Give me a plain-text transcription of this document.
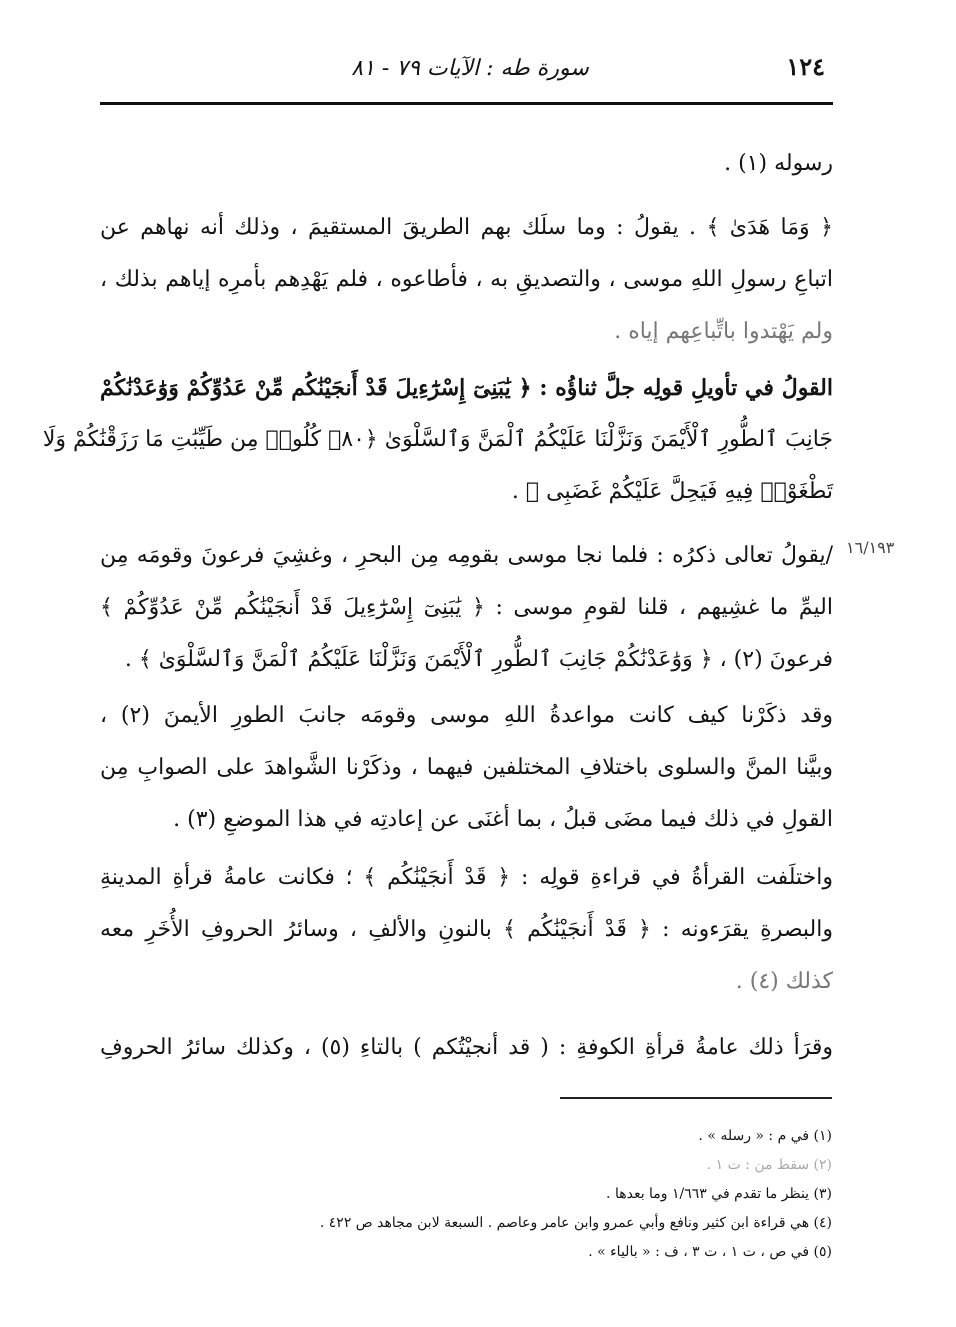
١٢٤
سورة طه : الآيات ٧٩ - ٨١
١٦/١٩٣
رسوله (١) .
﴿ وَمَا هَدَىٰ ﴾ . يقولُ : وما سلَك بهم الطريقَ المستقيمَ ، وذلك أنه نهاهم عن
اتباعِ رسولِ اللهِ موسى ، والتصديقِ به ، فأطاعوه ، فلم يَهْدِهم بأمرِه إياهم بذلك ،
ولم يَهْتدوا باتِّباعِهم إياه .
القولُ في تأويلِ قولِه جلَّ ثناؤُه : ﴿ يَٰبَنِىٓ إِسْرَٰٓءِيلَ قَدْ أَنجَيْنَٰكُم مِّنْ عَدُوِّكُمْ وَوَٰعَدْنَٰكُمْ
جَانِبَ ٱلطُّورِ ٱلْأَيْمَنَ وَنَزَّلْنَا عَلَيْكُمُ ٱلْمَنَّ وَٱلسَّلْوَىٰ ﴿٨٠﴾ كُلُوا۟ مِن طَيِّبَٰتِ مَا رَزَقْنَٰكُمْ وَلَا
تَطْغَوْا۟ فِيهِ فَيَحِلَّ عَلَيْكُمْ غَضَبِى ﴾ .
/يقولُ تعالى ذكرُه : فلما نجا موسى بقومِه مِن البحرِ ، وغشِيَ فرعونَ وقومَه مِن
اليمِّ ما غشِيهم ، قلنا لقومِ موسى : ﴿ يَٰبَنِىٓ إِسْرَٰٓءِيلَ قَدْ أَنجَيْنَٰكُم مِّنْ عَدُوِّكُمْ ﴾
فرعونَ (٢) ، ﴿ وَوَٰعَدْنَٰكُمْ جَانِبَ ٱلطُّورِ ٱلْأَيْمَنَ وَنَزَّلْنَا عَلَيْكُمُ ٱلْمَنَّ وَٱلسَّلْوَىٰ ﴾ .
وقد ذكَرْنا كيف كانت مواعدةُ اللهِ موسى وقومَه جانبَ الطورِ الأيمنَ (٢) ،
وبيَّنا المنَّ والسلوى باختلافِ المختلفين فيهما ، وذكَرْنا الشَّواهدَ على الصوابِ مِن
القولِ في ذلك فيما مضَى قبلُ ، بما أغنَى عن إعادتِه في هذا الموضعِ (٣) .
واختلَفت القرأةُ في قراءةِ قولِه : ﴿ قَدْ أَنجَيْنَٰكُم ﴾ ؛ فكانت عامةُ قرأةِ المدينةِ
والبصرةِ يقرَءونه : ﴿ قَدْ أَنجَيْنَٰكُم ﴾ بالنونِ والألفِ ، وسائرُ الحروفِ الأُخَرِ معه
كذلك (٤) .
وقرَأ ذلك عامةُ قرأةِ الكوفةِ : ( قد أنجيْتُكم ) بالتاءِ (٥) ، وكذلك سائرُ الحروفِ
(١) في م : « رسله » .
(٢) سقط من : ت ١ .
(٣) ينظر ما تقدم في ١/٦٦٣ وما بعدها .
(٤) هي قراءة ابن كثير ونافع وأبي عمرو وابن عامر وعاصم . السبعة لابن مجاهد ص ٤٢٢ .
(٥) في ص ، ت ١ ، ت ٣ ، ف : « بالياء » .
